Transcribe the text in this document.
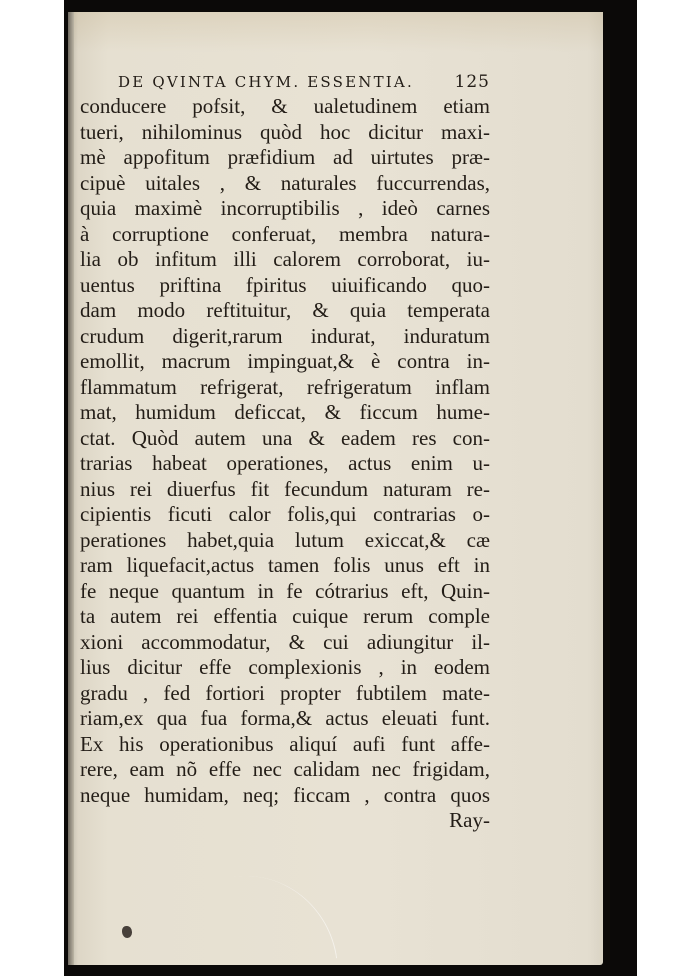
DE QVINTA CHYM. ESSENTIA. 125
conducere pofsit, & ualetudinem etiam
tueri, nihilominus quòd hoc dicitur maxi-
mè appofitum præfidium ad uirtutes præ-
cipuè uitales , & naturales fuccurrendas,
quia maximè incorruptibilis , ideò carnes
à corruptione conferuat, membra natura-
lia ob infitum illi calorem corroborat, iu-
uentus priftina fpiritus uiuificando quo-
dam modo reftituitur, & quia temperata
crudum digerit,rarum indurat, induratum
emollit, macrum impinguat,& è contra in-
flammatum refrigerat, refrigeratum inflam
mat, humidum deficcat, & ficcum hume-
ctat. Quòd autem una & eadem res con-
trarias habeat operationes, actus enim u-
nius rei diuerfus fit fecundum naturam re-
cipientis ficuti calor folis,qui contrarias o-
perationes habet,quia lutum exiccat,& cæ
ram liquefacit,actus tamen folis unus eft in
fe neque quantum in fe cótrarius eft, Quin-
ta autem rei effentia cuique rerum comple
xioni accommodatur, & cui adiungitur il-
lius dicitur effe complexionis , in eodem
gradu , fed fortiori propter fubtilem mate-
riam,ex qua fua forma,& actus eleuati funt.
Ex his operationibus aliquí aufi funt affe-
rere, eam nõ effe nec calidam nec frigidam,
neque humidam, neq; ficcam , contra quos
Ray-
